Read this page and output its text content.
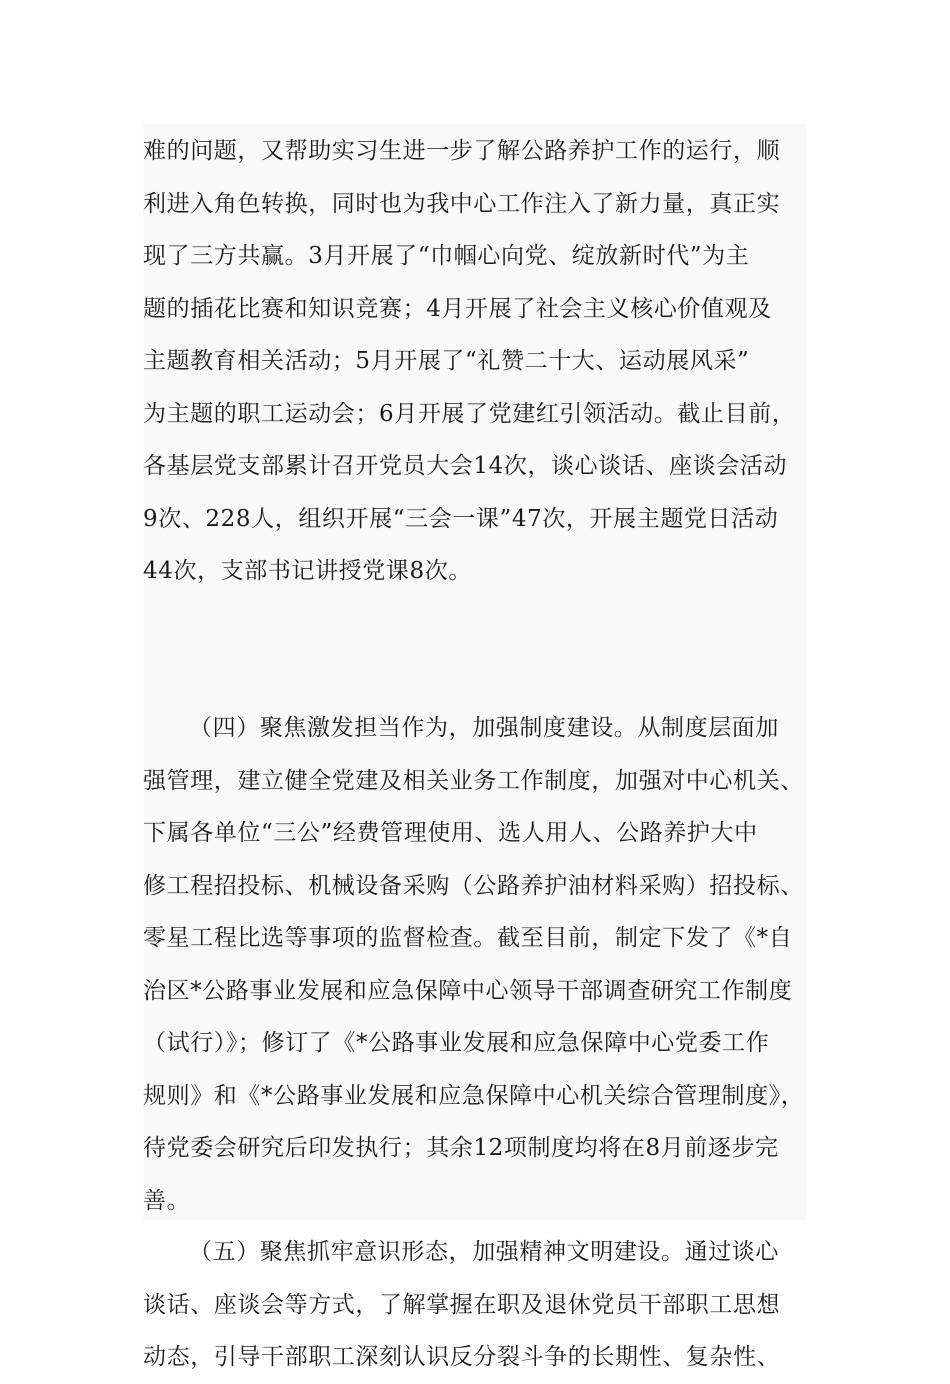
难的问题，又帮助实习生进一步了解公路养护工作的运行，顺
利进入角色转换，同时也为我中心工作注入了新力量，真正实
现了三方共赢。3月开展了“巾帼心向党、绽放新时代”为主
题的插花比赛和知识竞赛；4月开展了社会主义核心价值观及
主题教育相关活动；5月开展了“礼赞二十大、运动展风采”
为主题的职工运动会；6月开展了党建红引领活动。截止目前，
各基层党支部累计召开党员大会14次，谈心谈话、座谈会活动
9次、228人，组织开展“三会一课”47次，开展主题党日活动
44次，支部书记讲授党课8次。

（四）聚焦激发担当作为，加强制度建设。从制度层面加
强管理，建立健全党建及相关业务工作制度，加强对中心机关、
下属各单位“三公”经费管理使用、选人用人、公路养护大中
修工程招投标、机械设备采购（公路养护油材料采购）招投标、
零星工程比选等事项的监督检查。截至目前，制定下发了《*自
治区*公路事业发展和应急保障中心领导干部调查研究工作制度
（试行）》；修订了《*公路事业发展和应急保障中心党委工作
规则》和《*公路事业发展和应急保障中心机关综合管理制度》，
待党委会研究后印发执行；其余12项制度均将在8月前逐步完
善。

（五）聚焦抓牢意识形态，加强精神文明建设。通过谈心
谈话、座谈会等方式，了解掌握在职及退休党员干部职工思想
动态，引导干部职工深刻认识反分裂斗争的长期性、复杂性、
